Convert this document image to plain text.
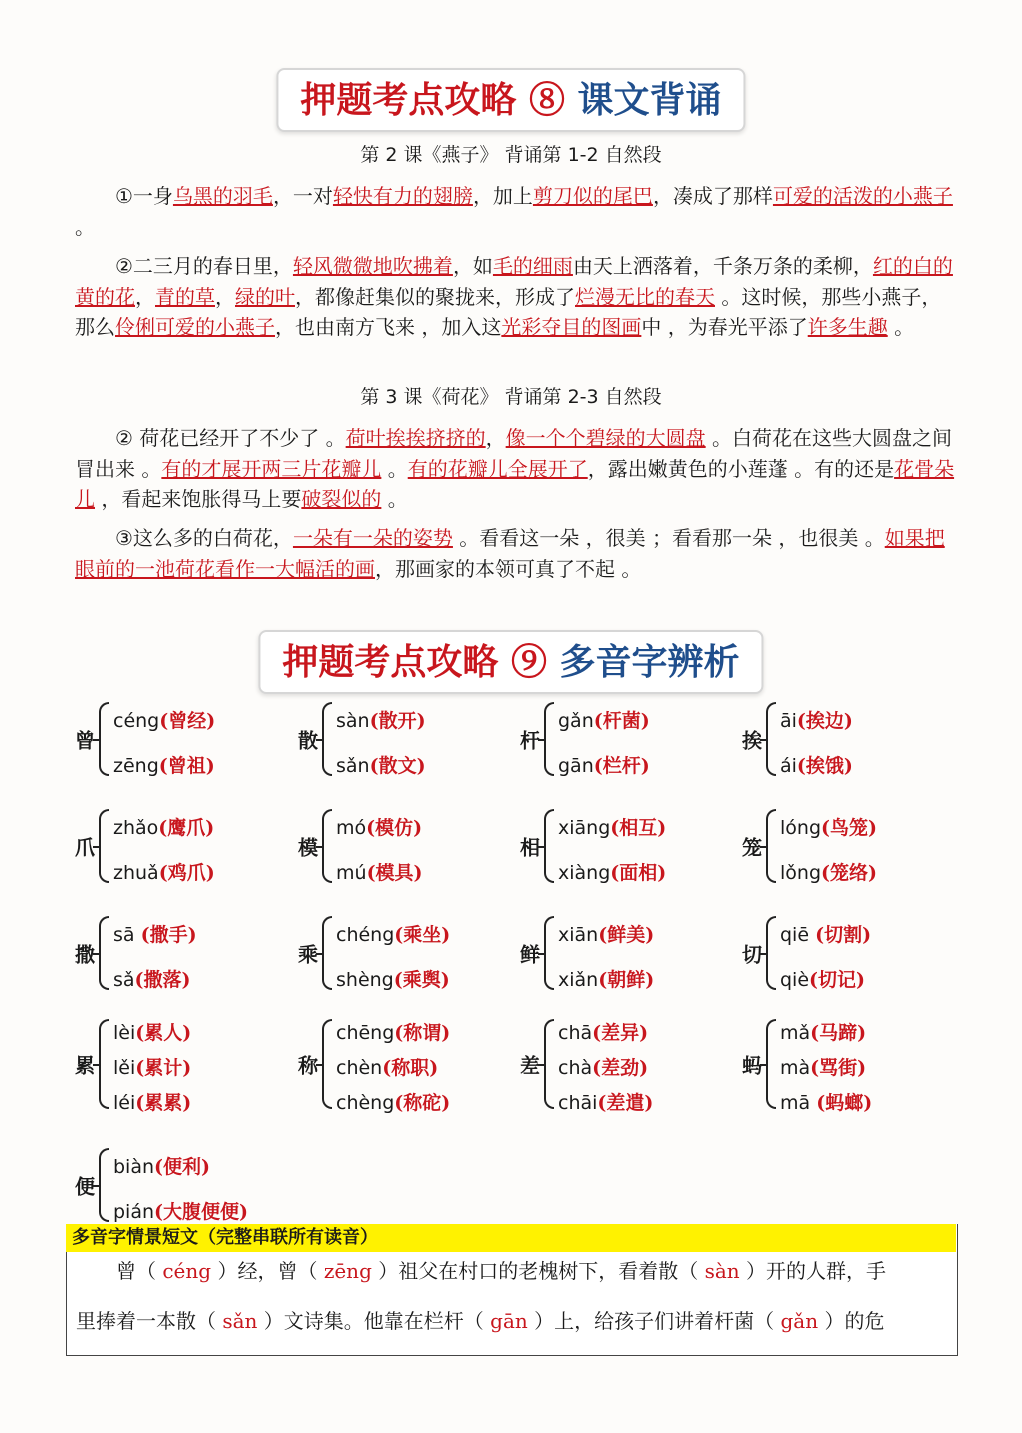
押题考点攻略 ⑧ 课文背诵
第 2 课《燕子》 背诵第 1-2 自然段

①一身乌黑的羽毛，一对轻快有力的翅膀，加上剪刀似的尾巴，凑成了那样可爱的活泼的小燕子 。

②二三月的春日里，轻风微微地吹拂着，如毛的细雨由天上洒落着，千条万条的柔柳，红的白的黄的花，青的草，绿的叶，都像赶集似的聚拢来，形成了烂漫无比的春天 。这时候，那些小燕子，那么伶俐可爱的小燕子，也由南方飞来 ，加入这光彩夺目的图画中 ，为春光平添了许多生趣 。

第 3 课《荷花》 背诵第 2-3 自然段

② 荷花已经开了不少了 。荷叶挨挨挤挤的，像一个个碧绿的大圆盘 。白荷花在这些大圆盘之间冒出来 。有的才展开两三片花瓣儿 。有的花瓣儿全展开了，露出嫩黄色的小莲蓬 。有的还是花骨朵儿 ，看起来饱胀得马上要破裂似的 。

③这么多的白荷花，一朵有一朵的姿势 。看看这一朵 ，很美 ；看看那一朵 ，也很美 。如果把眼前的一池荷花看作一大幅活的画，那画家的本领可真了不起 。

押题考点攻略 ⑨ 多音字辨析
曾
céng(曾经)
zēng(曾祖)
散
sàn(散开)
sǎn(散文)
杆
gǎn(杆菌)
gān(栏杆)
挨
āi(挨边)
ái(挨饿)
爪
zhǎo(鹰爪)
zhuǎ(鸡爪)
模
mó(模仿)
mú(模具)
相
xiāng(相互)
xiàng(面相)
笼
lóng(鸟笼)
lǒng(笼络)
撒
sā (撒手)
sǎ(撒落)
乘
chéng(乘坐)
shèng(乘舆)
鲜
xiān(鲜美)
xiǎn(朝鲜)
切
qiē (切割)
qiè(切记)
累
lèi(累人)
lěi(累计)
léi(累累)
称
chēng(称谓)
chèn(称职)
chèng(称砣)
差
chā(差异)
chà(差劲)
chāi(差遣)
蚂
mǎ(马蹄)
mà(骂街)
mā (蚂螂)
便
biàn(便利)
pián(大腹便便)
多音字情景短文（完整串联所有读音）

　　曾（ céng ）经，曾（ zēng ）祖父在村口的老槐树下，看着散（ sàn ）开的人群，手

里捧着一本散（ sǎn ）文诗集。他靠在栏杆（ gān ）上，给孩子们讲着杆菌（ gǎn ）的危
